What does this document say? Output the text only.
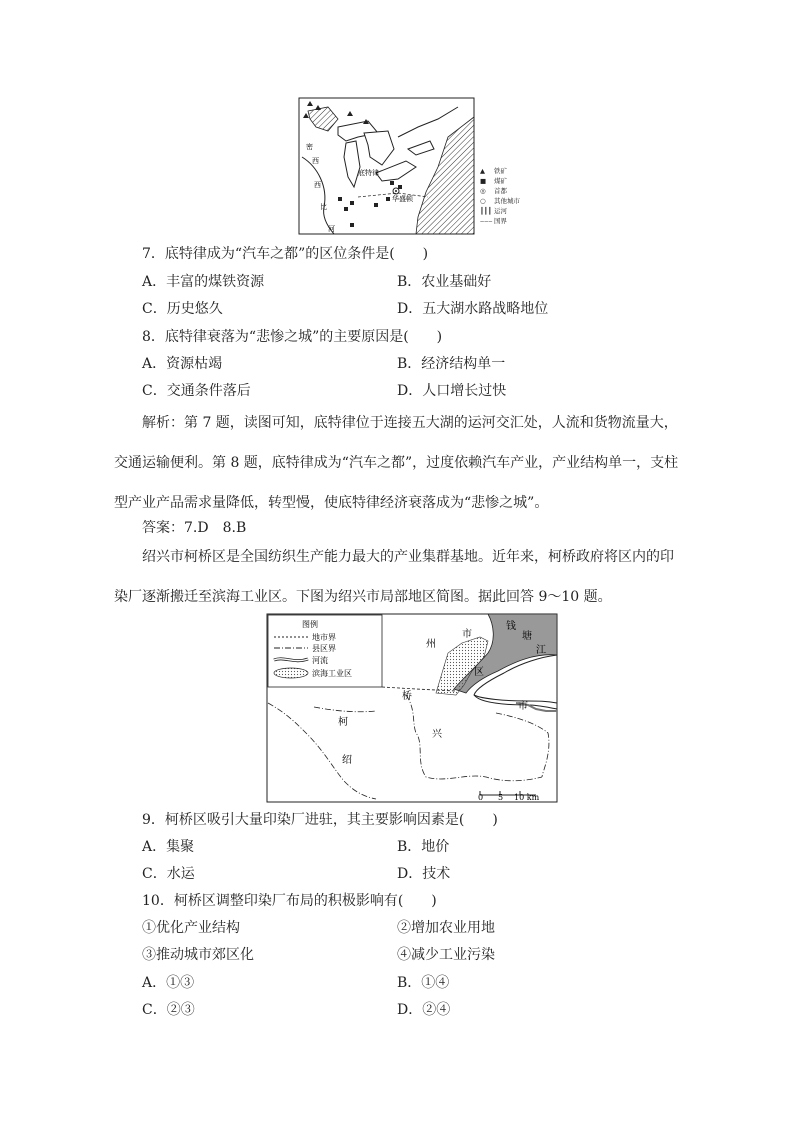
底特律
华盛顿
密
西
西
比
河
▲ 铁矿
■ 煤矿
◎ 首都
○ 其他城市
┃┃┃ 运河
‒‒‒ 国界
7．底特律成为“汽车之都”的区位条件是(　　)
A．丰富的煤铁资源	B．农业基础好
C．历史悠久	D．五大湖水路战略地位
8．底特律衰落为“悲惨之城”的主要原因是(　　)
A．资源枯竭	B．经济结构单一
C．交通条件落后	D．人口增长过快
解析：第 7 题，读图可知，底特律位于连接五大湖的运河交汇处，人流和货物流量大，交通运输便利。第 8 题，底特律成为“汽车之都”，过度依赖汽车产业，产业结构单一，支柱型产业产品需求量降低，转型慢，使底特律经济衰落成为“悲惨之城”。
答案：7.D　8.B
绍兴市柯桥区是全国纺织生产能力最大的产业集群基地。近年来，柯桥政府将区内的印染厂逐渐搬迁至滨海工业区。下图为绍兴市局部地区简图。据此回答 9～10 题。
0 5 10 km
州
市
区
钱
塘
江
桥
市
柯
兴
绍
图例
地市界
县区界
河流
滨海工业区
9．柯桥区吸引大量印染厂进驻，其主要影响因素是(　　)
A．集聚	B．地价
C．水运	D．技术
10．柯桥区调整印染厂布局的积极影响有(　　)
①优化产业结构	②增加农业用地
③推动城市郊区化	④减少工业污染
A．①③	B．①④
C．②③	D．②④
